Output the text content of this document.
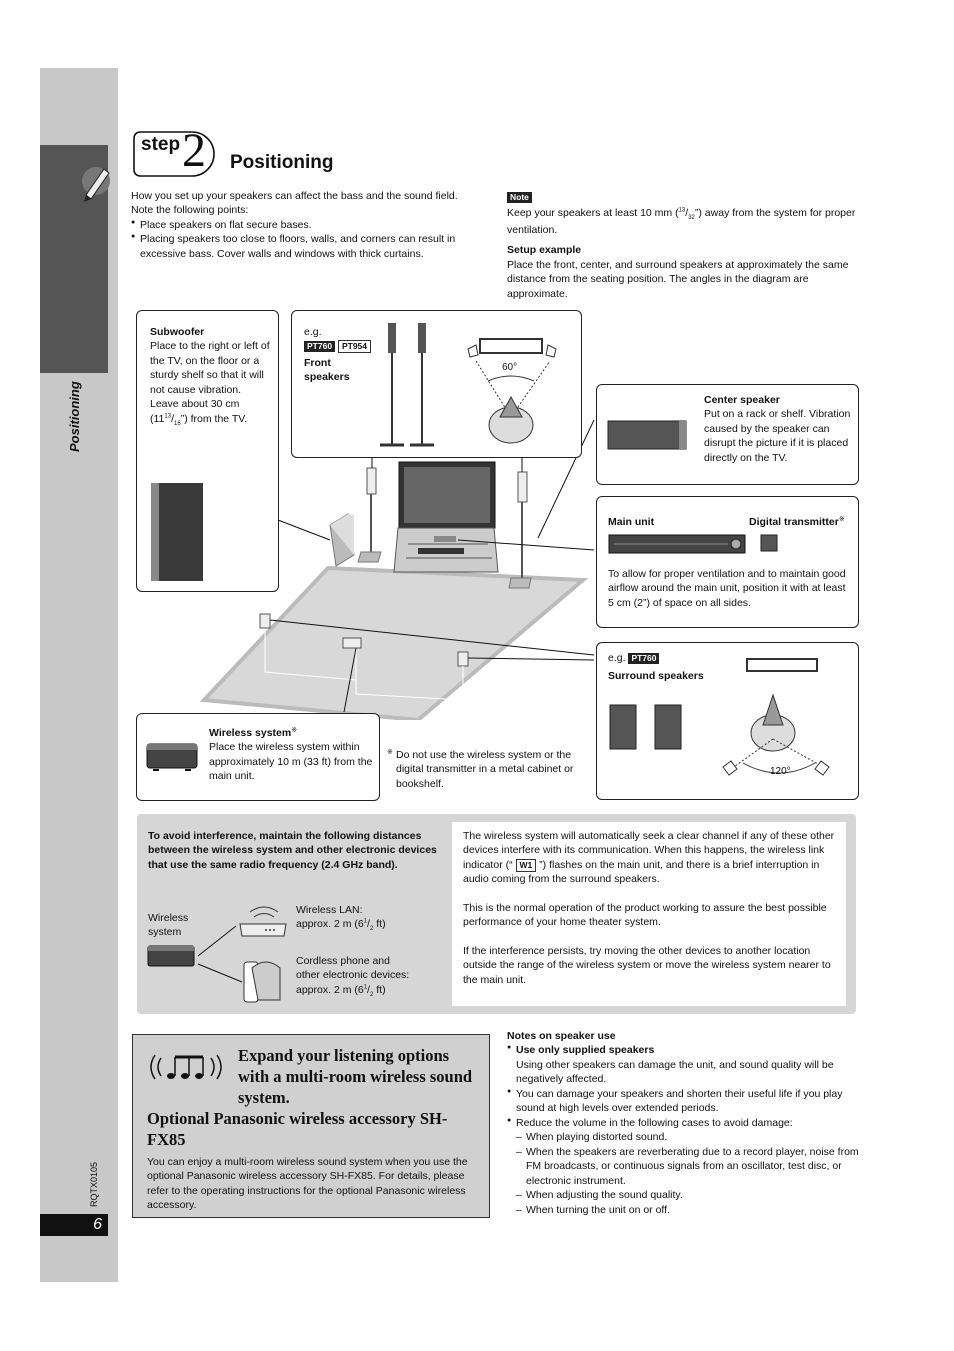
Positioning
RQTX0105
6
step 2 Positioning
How you set up your speakers can affect the bass and the sound field.
Note the following points:
● Place speakers on flat secure bases.
● Placing speakers too close to floors, walls, and corners can result in excessive bass. Cover walls and windows with thick curtains.
Note
Keep your speakers at least 10 mm $(^{13}/_{32}”)$ away from the system for proper ventilation.
Setup example
Place the front, center, and surround speakers at approximately the same distance from the seating position. The angles in the diagram are approximate.
Subwoofer
Place to the right or left of the TV, on the floor or a sturdy shelf so that it will not cause vibration. Leave about 30 cm $(11^{13}/_{16}”)$ from the TV.
e.g.
PT760 PT954
Front
speakers
60°
Center speaker
Put on a rack or shelf. Vibration caused by the speaker can disrupt the picture if it is placed directly on the TV.
Main unit	Digital transmitter※
To allow for proper ventilation and to maintain good airflow around the main unit, position it with at least 5 cm (2”) of space on all sides.
e.g. PT760
Surround speakers
120°
Wireless system※
Place the wireless system within approximately 10 m (33 ft) from the main unit.
※ Do not use the wireless system or the digital transmitter in a metal cabinet or bookshelf.
To avoid interference, maintain the following distances between the wireless system and other electronic devices that use the same radio frequency (2.4 GHz band).
Wireless system
Wireless LAN:
approx. 2 m ($6^1/_2$ ft)
Cordless phone and
other electronic devices:
approx. 2 m ($6^1/_2$ ft)
The wireless system will automatically seek a clear channel if any of these other devices interfere with its communication. When this happens, the wireless link indicator (“ W1 ”) flashes on the main unit, and there is a brief interruption in audio coming from the surround speakers.
This is the normal operation of the product working to assure the best possible performance of your home theater system.
If the interference persists, try moving the other devices to another location outside the range of the wireless system or move the wireless system nearer to the main unit.
Expand your listening options with a multi-room wireless sound system.
Optional Panasonic wireless accessory SH-FX85
You can enjoy a multi-room wireless sound system when you use the optional Panasonic wireless accessory SH-FX85. For details, please refer to the operating instructions for the optional Panasonic wireless accessory.
Notes on speaker use
● Use only supplied speakers
Using other speakers can damage the unit, and sound quality will be negatively affected.
● You can damage your speakers and shorten their useful life if you play sound at high levels over extended periods.
● Reduce the volume in the following cases to avoid damage:
– When playing distorted sound.
– When the speakers are reverberating due to a record player, noise from FM broadcasts, or continuous signals from an oscillator, test disc, or electronic instrument.
– When adjusting the sound quality.
– When turning the unit on or off.
